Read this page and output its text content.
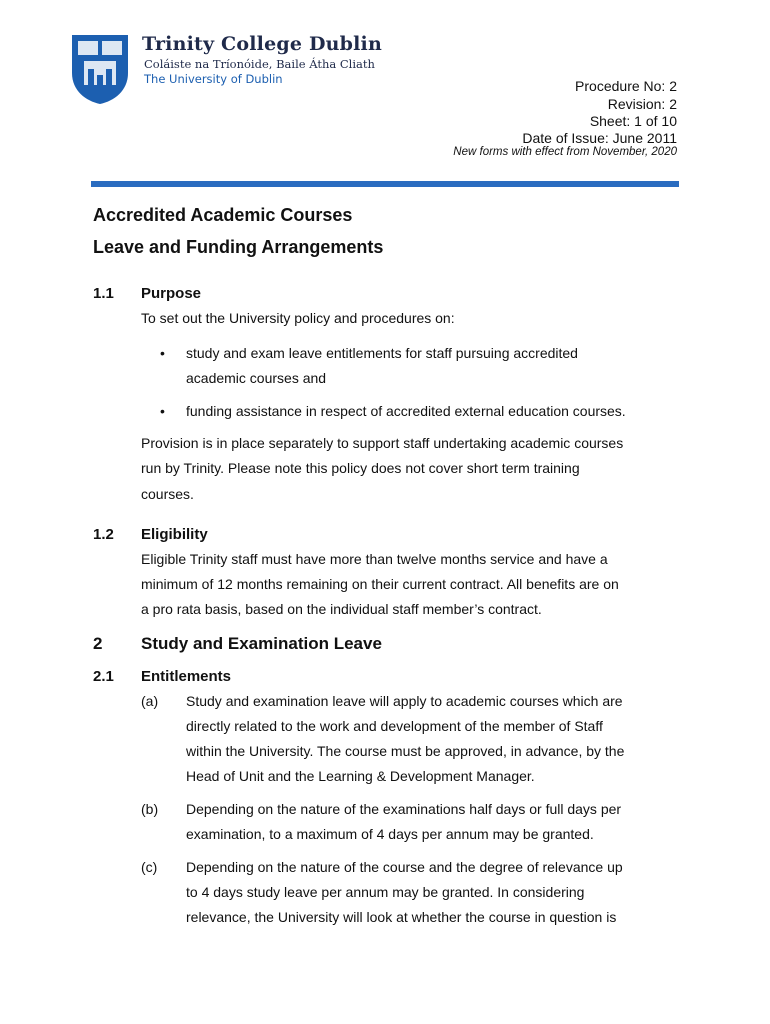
Trinity College Dublin
Coláiste na Tríonóide, Baile Átha Cliath
The University of Dublin	Procedure No: 2
Revision: 2
Sheet: 1 of 10
Date of Issue: June 2011
New forms with effect from November, 2020
Accredited Academic Courses
Leave and Funding Arrangements
1.1 Purpose
To set out the University policy and procedures on:
• study and exam leave entitlements for staff pursuing accredited
academic courses and
• funding assistance in respect of accredited external education courses.
Provision is in place separately to support staff undertaking academic courses
run by Trinity. Please note this policy does not cover short term training
courses.
1.2 Eligibility
Eligible Trinity staff must have more than twelve months service and have a
minimum of 12 months remaining on their current contract. All benefits are on
a pro rata basis, based on the individual staff member’s contract.
2 Study and Examination Leave
2.1 Entitlements
(a) Study and examination leave will apply to academic courses which are
directly related to the work and development of the member of Staff
within the University. The course must be approved, in advance, by the
Head of Unit and the Learning & Development Manager.
(b) Depending on the nature of the examinations half days or full days per
examination, to a maximum of 4 days per annum may be granted.
(c) Depending on the nature of the course and the degree of relevance up
to 4 days study leave per annum may be granted. In considering
relevance, the University will look at whether the course in question is
